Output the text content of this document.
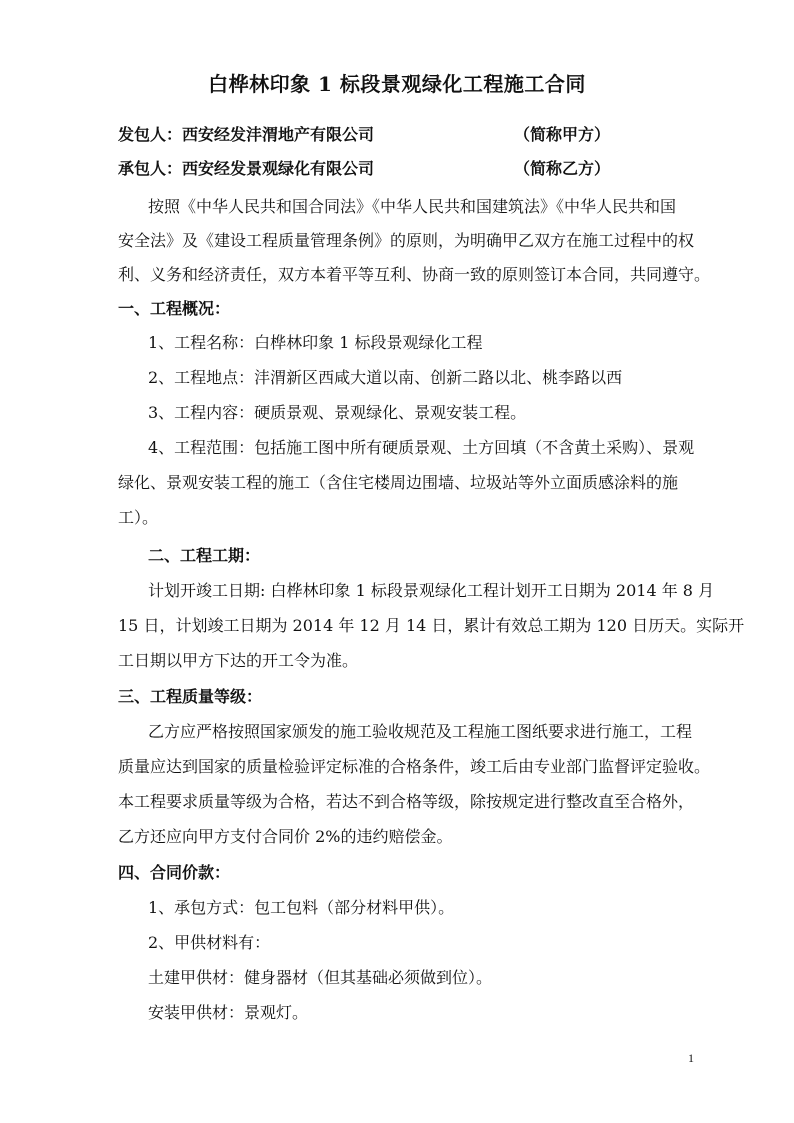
白桦林印象 1 标段景观绿化工程施工合同
发包人：西安经发沣渭地产有限公司	（简称甲方）
承包人：西安经发景观绿化有限公司	（简称乙方）
按照《中华人民共和国合同法》《中华人民共和国建筑法》《中华人民共和国
安全法》及《建设工程质量管理条例》的原则，为明确甲乙双方在施工过程中的权
利、义务和经济责任，双方本着平等互利、协商一致的原则签订本合同，共同遵守。
一、工程概况：
1、工程名称：白桦林印象 1 标段景观绿化工程
2、工程地点：沣渭新区西咸大道以南、创新二路以北、桃李路以西
3、工程内容：硬质景观、景观绿化、景观安装工程。
4、工程范围：包括施工图中所有硬质景观、土方回填（不含黄土采购）、景观
绿化、景观安装工程的施工（含住宅楼周边围墙、垃圾站等外立面质感涂料的施
工）。
二、工程工期：
计划开竣工日期: 白桦林印象 1 标段景观绿化工程计划开工日期为 2014 年 8 月
15 日，计划竣工日期为 2014 年 12 月 14 日，累计有效总工期为 120 日历天。实际开
工日期以甲方下达的开工令为准。
三、工程质量等级：
乙方应严格按照国家颁发的施工验收规范及工程施工图纸要求进行施工，工程
质量应达到国家的质量检验评定标准的合格条件，竣工后由专业部门监督评定验收。
本工程要求质量等级为合格，若达不到合格等级，除按规定进行整改直至合格外，
乙方还应向甲方支付合同价 2%的违约赔偿金。
四、合同价款：
1、承包方式：包工包料（部分材料甲供）。
2、甲供材料有：
土建甲供材：健身器材（但其基础必须做到位）。
安装甲供材：景观灯。
1
